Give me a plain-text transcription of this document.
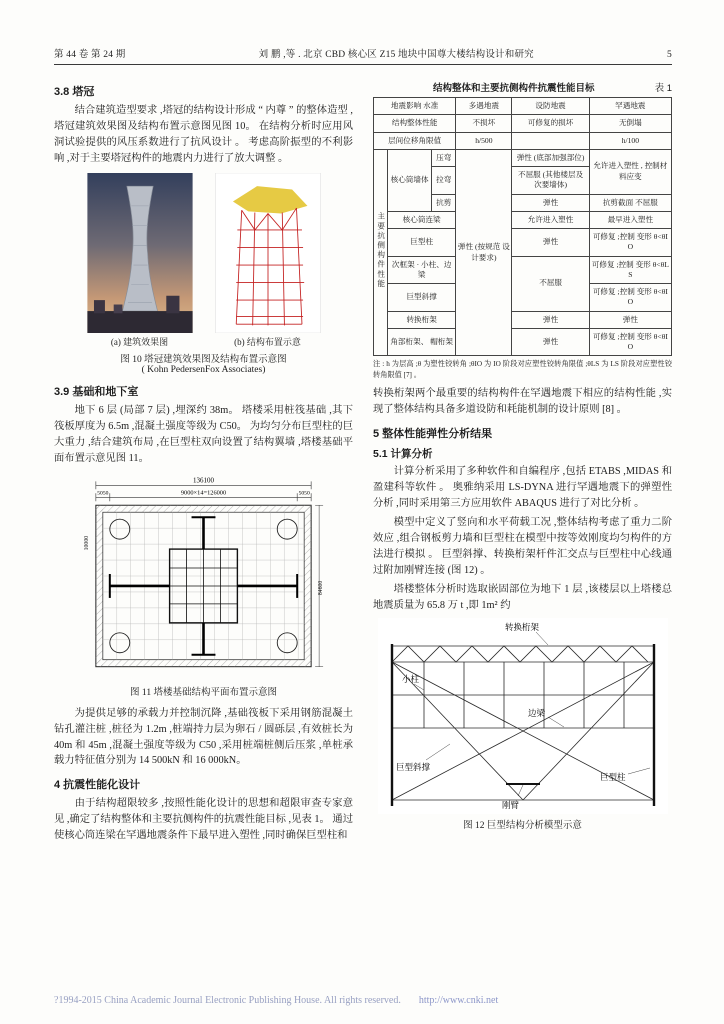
第 44 卷 第 24 期	刘 鹏 ,等 . 北京 CBD 核心区 Z15 地块中国尊大楼结构设计和研究	5
3.8 塔冠

结合建筑造型要求 ,塔冠的结构设计形成 “ 内尊 ” 的整体造型 ,塔冠建筑效果图及结构布置示意图见图 10。 在结构分析时应用风洞试验提供的风压系数进行了抗风设计 。 考虑高阶振型的不利影响 ,对于主要塔冠构件的地震内力进行了放大调整 。

(a) 建筑效果图	(b) 结构布置示意
图 10 塔冠建筑效果图及结构布置示意图
( Kohn PedersenFox Associates)
3.9 基础和地下室

地下 6 层 (局部 7 层) ,埋深约 38m。 塔楼采用桩筏基础 ,其下筏板厚度为 6.5m ,混凝土强度等级为 C50。 为均匀分布巨型柱的巨大重力 ,结合建筑布局 ,在巨型柱双向设置了结构翼墙 ,塔楼基础平面布置示意见图 11。

136100
5050	9000×14=126000	5050
10000
84600
图 11 塔楼基础结构平面布置示意图

为提供足够的承载力并控制沉降 ,基础筏板下采用钢筋混凝土钻孔灌注桩 ,桩径为 1.2m ,桩端持力层为卵石 / 圆砾层 ,有效桩长为 40m 和 45m ,混凝土强度等级为 C50 ,采用桩端桩侧后压浆 ,单桩承载力特征值分别为 14 500kN 和 16 000kN。

4 抗震性能化设计

由于结构超限较多 ,按照性能化设计的思想和超限审查专家意见 ,确定了结构整体和主要抗侧构件的抗震性能目标 ,见表 1。 通过使核心筒连梁在罕遇地震条件下最早进入塑性 ,同时确保巨型柱和

结构整体和主要抗侧构件抗震性能目标	表 1
地震影响 水准			多遇地震	设防地震	罕遇地震
结构整体性能			不损坏	可修复的损坏	无倒塌
层间位移角限值			h/500		h/100
主要抗侧构件性能	核心筒墙体	压弯	弹性 (按规范 设计要求)	弹性 (底部加强部位)	允许进入塑性 , 控制材料应变
		拉弯		不屈服 (其他楼层及 次要墙体)	
		抗剪		弹性	抗剪截面 不屈服
	核心筒连梁			允许进入塑性	最早进入塑性
	巨型柱			弹性	可修复 ;控制 变形 θ<θIO
	次框架 · 小柱、边梁			不屈服	可修复 ;控制 变形 θ<θLS
	巨型斜撑				可修复 ;控制 变形 θ<θIO
	转换桁架			弹性	弹性
	角部桁架、 帽桁架			弹性	可修复 ;控制 变形 θ<θIO
注 : h 为层高 ;θ 为塑性铰转角 ;θIO 为 IO 阶段对应塑性铰转角限值 ;θLS 为 LS 阶段对应塑性铰转角限值 [7] 。

转换桁架两个最重要的结构构件在罕遇地震下相应的结构性能 ,实现了整体结构具备多道设防和耗能机制的设计原则 [8] 。

5 整体性能弹性分析结果
5.1 计算分析

计算分析采用了多种软件和自编程序 ,包括 ETABS ,MIDAS 和盈建科等软件 。 奥雅纳采用 LS-DYNA 进行罕遇地震下的弹塑性分析 ,同时采用第三方应用软件 ABAQUS 进行了对比分析 。

模型中定义了竖向和水平荷载工况 ,整体结构考虑了重力二阶效应 ,组合钢板剪力墙和巨型柱在模型中按等效刚度均匀构件的方法进行模拟 。 巨型斜撑、转换桁架杆件汇交点与巨型柱中心线通过附加刚臂连接 (图 12) 。

塔楼整体分析时选取嵌固部位为地下 1 层 ,该楼层以上塔楼总地震质量为 65.8 万 t ,即 1m² 约

转换桁架
小柱
巨型斜撑
边梁
刚臂
巨型柱
图 12 巨型结构分析模型示意
?1994-2015 China Academic Journal Electronic Publishing House. All rights reserved. http://www.cnki.net
